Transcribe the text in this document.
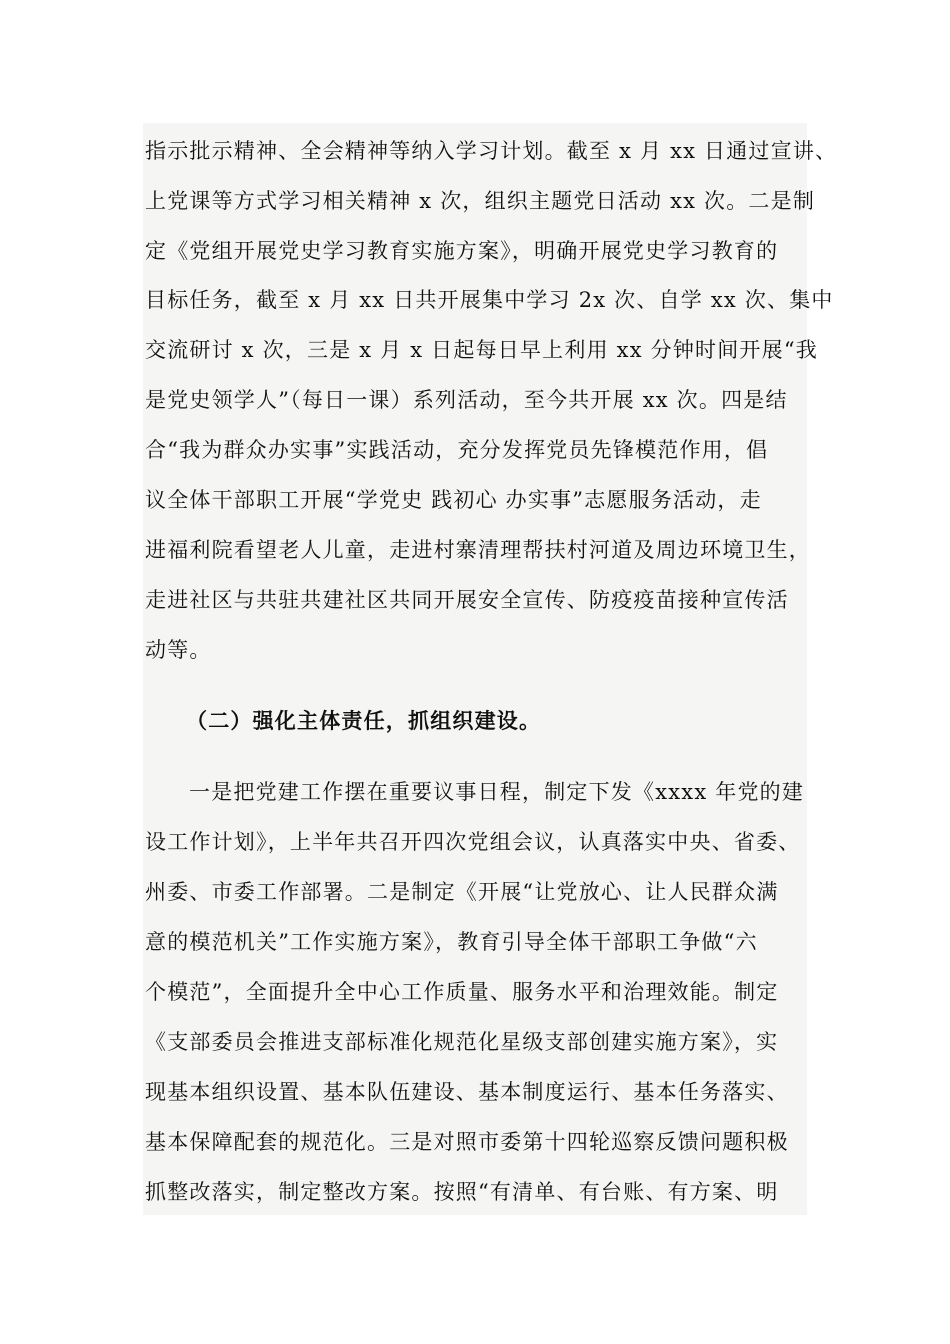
指示批示精神、全会精神等纳入学习计划。截至 x 月 xx 日通过宣讲、
上党课等方式学习相关精神 x 次，组织主题党日活动 xx 次。二是制
定《党组开展党史学习教育实施方案》，明确开展党史学习教育的
目标任务，截至 x 月 xx 日共开展集中学习 2x 次、自学 xx 次、集中
交流研讨 x 次，三是 x 月 x 日起每日早上利用 xx 分钟时间开展“我
是党史领学人”（每日一课）系列活动，至今共开展 xx 次。四是结
合“我为群众办实事”实践活动，充分发挥党员先锋模范作用，倡
议全体干部职工开展“学党史 践初心 办实事”志愿服务活动，走
进福利院看望老人儿童，走进村寨清理帮扶村河道及周边环境卫生，
走进社区与共驻共建社区共同开展安全宣传、防疫疫苗接种宣传活
动等。
（二）强化主体责任，抓组织建设。
一是把党建工作摆在重要议事日程，制定下发《xxxx 年党的建
设工作计划》，上半年共召开四次党组会议，认真落实中央、省委、
州委、市委工作部署。二是制定《开展“让党放心、让人民群众满
意的模范机关”工作实施方案》，教育引导全体干部职工争做“六
个模范”，全面提升全中心工作质量、服务水平和治理效能。制定
《支部委员会推进支部标准化规范化星级支部创建实施方案》，实
现基本组织设置、基本队伍建设、基本制度运行、基本任务落实、
基本保障配套的规范化。三是对照市委第十四轮巡察反馈问题积极
抓整改落实，制定整改方案。按照“有清单、有台账、有方案、明
